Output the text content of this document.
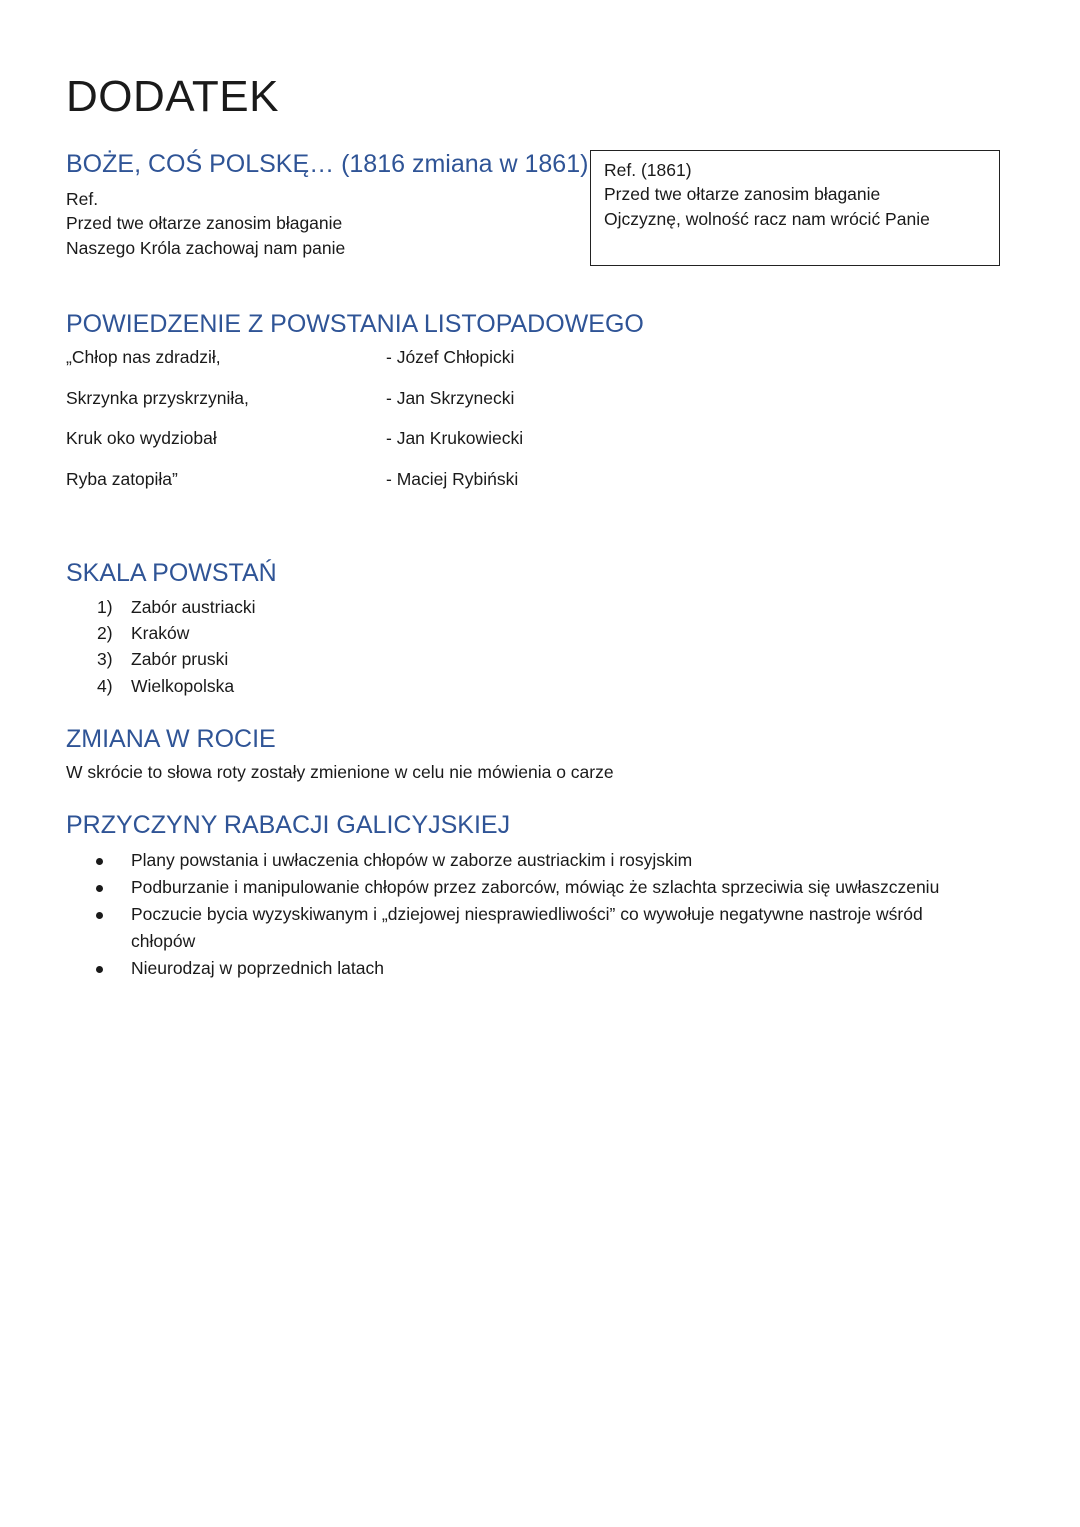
DODATEK
BOŻE, COŚ POLSKĘ… (1816 zmiana w 1861)
Ref.
Przed twe ołtarze zanosim błaganie
Naszego Króla zachowaj nam panie
Ref. (1861)
Przed twe ołtarze zanosim błaganie
Ojczyznę, wolność racz nam wrócić Panie
POWIEDZENIE Z POWSTANIA LISTOPADOWEGO
„Chłop nas zdradził,	- Józef Chłopicki
Skrzynka przyskrzyniła,	- Jan Skrzynecki
Kruk oko wydziobał	- Jan Krukowiecki
Ryba zatopiła”	- Maciej Rybiński
SKALA POWSTAŃ
1)	Zabór austriacki
2)	Kraków
3)	Zabór pruski
4)	Wielkopolska
ZMIANA W ROCIE
W skrócie to słowa roty zostały zmienione w celu nie mówienia o carze
PRZYCZYNY RABACJI GALICYJSKIEJ
Plany powstania i uwłaczenia chłopów w zaborze austriackim i rosyjskim
Podburzanie i manipulowanie chłopów przez zaborców, mówiąc że szlachta sprzeciwia się uwłaszczeniu
Poczucie bycia wyzyskiwanym i „dziejowej niesprawiedliwości” co wywołuje negatywne nastroje wśród chłopów
Nieurodzaj w poprzednich latach
